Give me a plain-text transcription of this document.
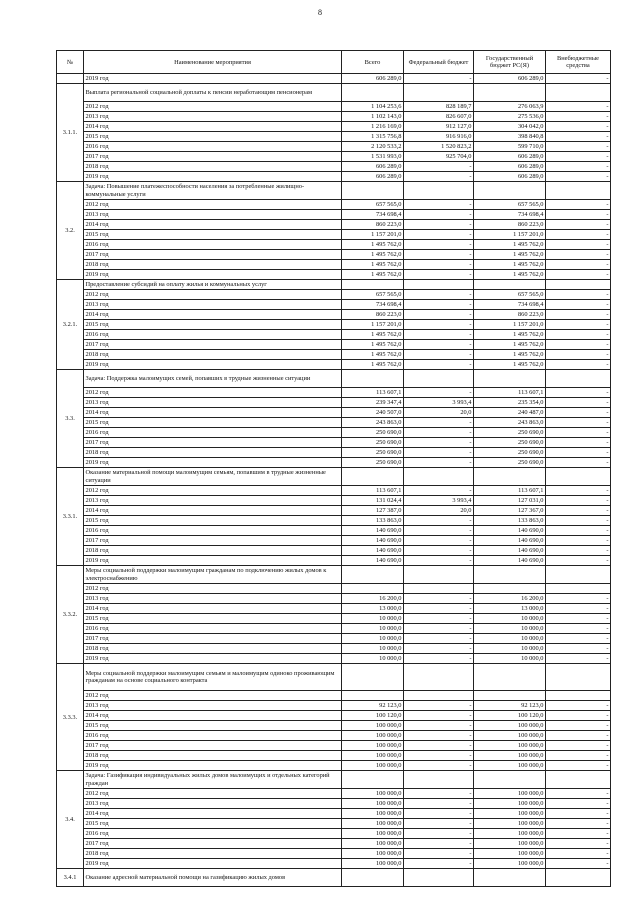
8
№	Наименование мероприятия	Всего	Федеральный бюджет	Государственный бюджет РС(Я)	Внебюджетные средства
	2019 год	606 289,0	-	606 289,0	-
3.1.1.	Выплата региональной социальной доплаты к пенсии неработающим пенсионерам				
	2012 год	1 104 253,6	828 189,7	276 063,9	-
	2013 год	1 102 143,0	826 607,0	275 536,0	-
	2014 год	1 216 169,0	912 127,0	304 042,0	-
	2015 год	1 315 756,8	916 916,0	398 840,8	-
	2016 год	2 120 533,2	1 520 823,2	599 710,0	-
	2017 год	1 531 993,0	925 704,0	606 289,0	-
	2018 год	606 289,0	-	606 289,0	-
	2019 год	606 289,0	-	606 289,0	-
3.2.	Задача: Повышение платежеспособности населения за потребленные жилищно-коммунальные услуги				
	2012 год	657 565,0	-	657 565,0	-
	2013 год	734 698,4	-	734 698,4	-
	2014 год	860 223,0	-	860 223,0	-
	2015 год	1 157 201,0	-	1 157 201,0	-
	2016 год	1 495 762,0	-	1 495 762,0	-
	2017 год	1 495 762,0	-	1 495 762,0	-
	2018 год	1 495 762,0	-	1 495 762,0	-
	2019 год	1 495 762,0	-	1 495 762,0	-
3.2.1.	Предоставление субсидий на оплату жилья и коммунальных услуг				
	2012 год	657 565,0	-	657 565,0	-
	2013 год	734 698,4	-	734 698,4	-
	2014 год	860 223,0	-	860 223,0	-
	2015 год	1 157 201,0	-	1 157 201,0	-
	2016 год	1 495 762,0	-	1 495 762,0	-
	2017 год	1 495 762,0	-	1 495 762,0	-
	2018 год	1 495 762,0	-	1 495 762,0	-
	2019 год	1 495 762,0	-	1 495 762,0	-
3.3.	Задача: Поддержка малоимущих семей, попавших в трудные жизненные ситуации				
	2012 год	113 607,1	-	113 607,1	-
	2013 год	239 347,4	3 993,4	235 354,0	-
	2014 год	240 507,0	20,0	240 487,0	-
	2015 год	243 863,0	-	243 863,0	-
	2016 год	250 690,0	-	250 690,0	-
	2017 год	250 690,0	-	250 690,0	-
	2018 год	250 690,0	-	250 690,0	-
	2019 год	250 690,0	-	250 690,0	-
3.3.1.	Оказание материальной помощи малоимущим семьям, попавшим в трудные жизненные ситуации				
	2012 год	113 607,1	-	113 607,1	-
	2013 год	131 024,4	3 993,4	127 031,0	-
	2014 год	127 387,0	20,0	127 367,0	-
	2015 год	133 863,0	-	133 863,0	-
	2016 год	140 690,0	-	140 690,0	-
	2017 год	140 690,0	-	140 690,0	-
	2018 год	140 690,0	-	140 690,0	-
	2019 год	140 690,0	-	140 690,0	-
3.3.2.	Меры социальной поддержки малоимущим гражданам по подключению жилых домов к электроснабжению				
	2012 год				
	2013 год	16 200,0	-	16 200,0	-
	2014 год	13 000,0	-	13 000,0	-
	2015 год	10 000,0	-	10 000,0	-
	2016 год	10 000,0	-	10 000,0	-
	2017 год	10 000,0	-	10 000,0	-
	2018 год	10 000,0	-	10 000,0	-
	2019 год	10 000,0	-	10 000,0	-
3.3.3.	Меры социальной поддержки малоимущим семьям и малоимущим одиноко проживающим гражданам на основе социального контракта				
	2012 год				
	2013 год	92 123,0	-	92 123,0	-
	2014 год	100 120,0	-	100 120,0	-
	2015 год	100 000,0	-	100 000,0	-
	2016 год	100 000,0	-	100 000,0	-
	2017 год	100 000,0	-	100 000,0	-
	2018 год	100 000,0	-	100 000,0	-
	2019 год	100 000,0	-	100 000,0	-
3.4.	Задача: Газификация индивидуальных жилых домов малоимущих и отдельных категорий граждан				
	2012 год	100 000,0	-	100 000,0	-
	2013 год	100 000,0	-	100 000,0	-
	2014 год	100 000,0	-	100 000,0	-
	2015 год	100 000,0	-	100 000,0	-
	2016 год	100 000,0	-	100 000,0	-
	2017 год	100 000,0	-	100 000,0	-
	2018 год	100 000,0	-	100 000,0	-
	2019 год	100 000,0	-	100 000,0	-
3.4.1	Оказание адресной материальной помощи на газификацию жилых домов				
